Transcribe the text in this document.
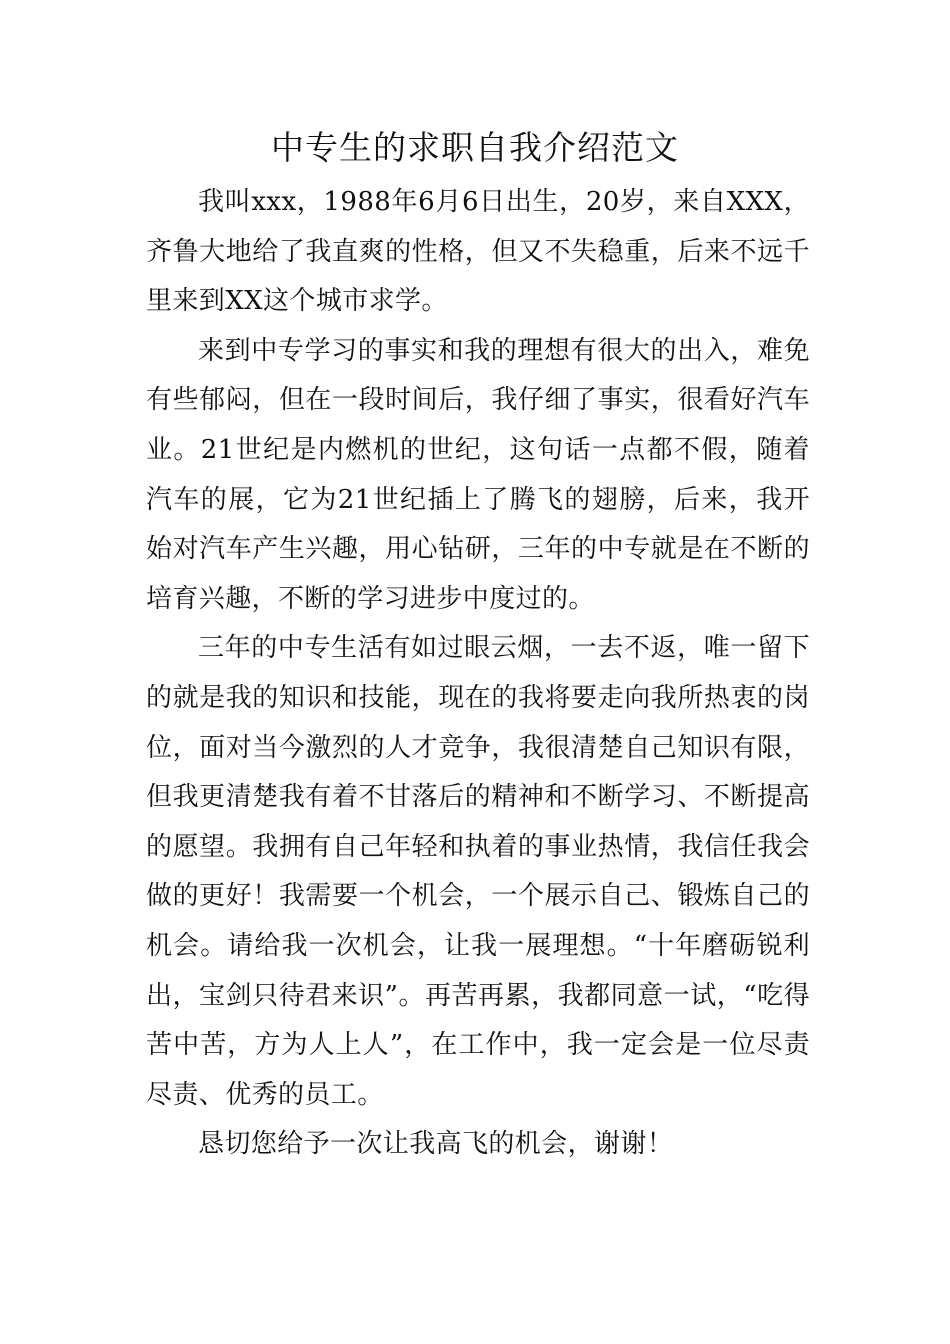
中专生的求职自我介绍范文

我叫xxx，1988年6月6日出生，20岁，来自XXX，齐鲁大地给了我直爽的性格，但又不失稳重，后来不远千里来到XX这个城市求学。

来到中专学习的事实和我的理想有很大的出入，难免有些郁闷，但在一段时间后，我仔细了事实，很看好汽车业。21世纪是内燃机的世纪，这句话一点都不假，随着汽车的展，它为21世纪插上了腾飞的翅膀，后来，我开始对汽车产生兴趣，用心钻研，三年的中专就是在不断的培育兴趣，不断的学习进步中度过的。

三年的中专生活有如过眼云烟，一去不返，唯一留下的就是我的知识和技能，现在的我将要走向我所热衷的岗位，面对当今激烈的人才竞争，我很清楚自己知识有限，但我更清楚我有着不甘落后的精神和不断学习、不断提高的愿望。我拥有自己年轻和执着的事业热情，我信任我会做的更好！我需要一个机会，一个展示自己、锻炼自己的机会。请给我一次机会，让我一展理想。“十年磨砺锐利出，宝剑只待君来识”。再苦再累，我都同意一试，“吃得苦中苦，方为人上人”，在工作中，我一定会是一位尽责尽责、优秀的员工。

恳切您给予一次让我高飞的机会，谢谢！
